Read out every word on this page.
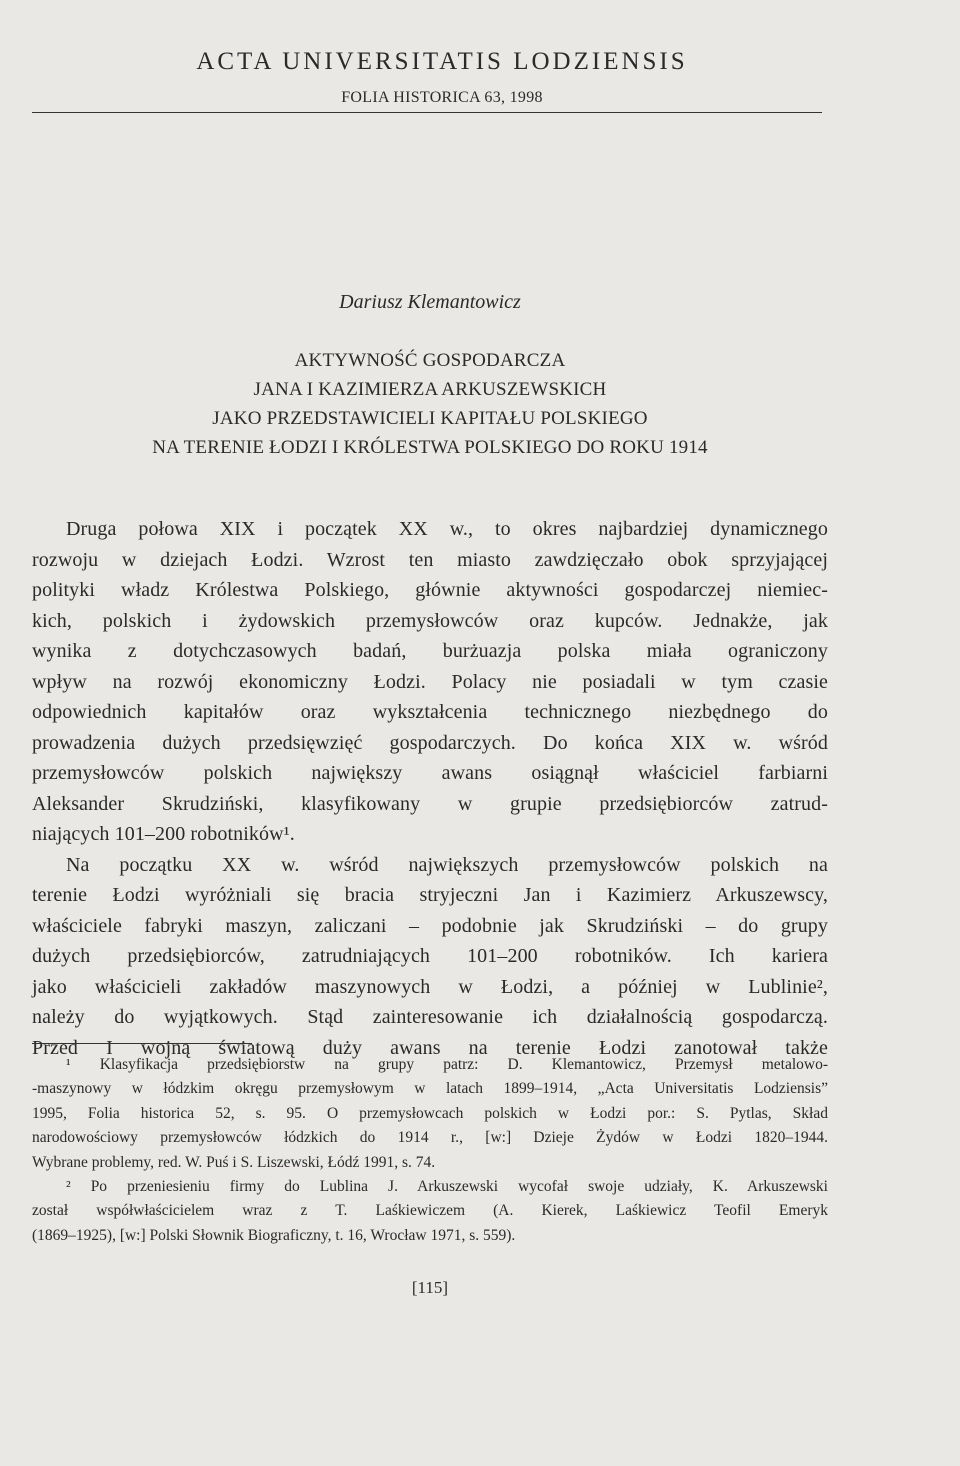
ACTA UNIVERSITATIS LODZIENSIS
FOLIA HISTORICA 63, 1998
Dariusz Klemantowicz
AKTYWNOŚĆ GOSPODARCZA
JANA I KAZIMIERZA ARKUSZEWSKICH
JAKO PRZEDSTAWICIELI KAPITAŁU POLSKIEGO
NA TERENIE ŁODZI I KRÓLESTWA POLSKIEGO DO ROKU 1914
Druga połowa XIX i początek XX w., to okres najbardziej dynamicznego
rozwoju w dziejach Łodzi. Wzrost ten miasto zawdzięczało obok sprzyjającej
polityki władz Królestwa Polskiego, głównie aktywności gospodarczej niemiec-
kich, polskich i żydowskich przemysłowców oraz kupców. Jednakże, jak
wynika z dotychczasowych badań, burżuazja polska miała ograniczony
wpływ na rozwój ekonomiczny Łodzi. Polacy nie posiadali w tym czasie
odpowiednich kapitałów oraz wykształcenia technicznego niezbędnego do
prowadzenia dużych przedsięwzięć gospodarczych. Do końca XIX w. wśród
przemysłowców polskich największy awans osiągnął właściciel farbiarni
Aleksander Skrudziński, klasyfikowany w grupie przedsiębiorców zatrud-
niających 101–200 robotników¹.
Na początku XX w. wśród największych przemysłowców polskich na
terenie Łodzi wyróżniali się bracia stryjeczni Jan i Kazimierz Arkuszewscy,
właściciele fabryki maszyn, zaliczani – podobnie jak Skrudziński – do grupy
dużych przedsiębiorców, zatrudniających 101–200 robotników. Ich kariera
jako właścicieli zakładów maszynowych w Łodzi, a później w Lublinie²,
należy do wyjątkowych. Stąd zainteresowanie ich działalnością gospodarczą.
Przed I wojną światową duży awans na terenie Łodzi zanotował także
¹ Klasyfikacja przedsiębiorstw na grupy patrz: D. Klemantowicz, Przemysł metalowo-
-maszynowy w łódzkim okręgu przemysłowym w latach 1899–1914, „Acta Universitatis Lodziensis”
1995, Folia historica 52, s. 95. O przemysłowcach polskich w Łodzi por.: S. Pytlas, Skład
narodowościowy przemysłowców łódzkich do 1914 r., [w:] Dzieje Żydów w Łodzi 1820–1944.
Wybrane problemy, red. W. Puś i S. Liszewski, Łódź 1991, s. 74.
² Po przeniesieniu firmy do Lublina J. Arkuszewski wycofał swoje udziały, K. Arkuszewski
został współwłaścicielem wraz z T. Laśkiewiczem (A. Kierek, Laśkiewicz Teofil Emeryk
(1869–1925), [w:] Polski Słownik Biograficzny, t. 16, Wrocław 1971, s. 559).
[115]
